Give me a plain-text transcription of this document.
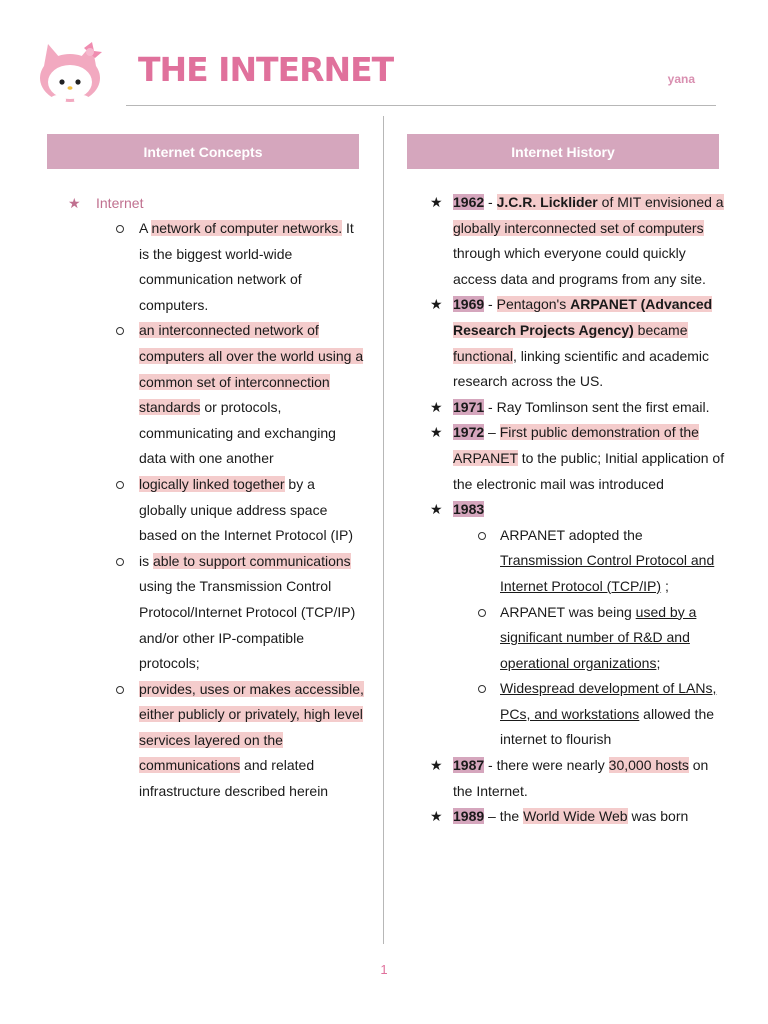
THE INTERNET	yana
Internet Concepts	Internet History
★	Internet
A network of computer networks. It is the biggest world-wide communication network of computers.
an interconnected network of computers all over the world using a common set of interconnection standards or protocols, communicating and exchanging data with one another
logically linked together by a globally unique address space based on the Internet Protocol (IP)
is able to support communications using the Transmission Control Protocol/Internet Protocol (TCP/IP) and/or other IP-compatible protocols;
provides, uses or makes accessible, either publicly or privately, high level services layered on the communications and related infrastructure described herein
★ 1962 - J.C.R. Licklider of MIT envisioned a globally interconnected set of computers through which everyone could quickly access data and programs from any site.
★ 1969 - Pentagon's ARPANET (Advanced Research Projects Agency) became functional, linking scientific and academic research across the US.
★ 1971 - Ray Tomlinson sent the first email.
★ 1972 – First public demonstration of the ARPANET to the public; Initial application of the electronic mail was introduced
★ 1983
ARPANET adopted the Transmission Control Protocol and Internet Protocol (TCP/IP) ;
ARPANET was being used by a significant number of R&D and operational organizations;
Widespread development of LANs, PCs, and workstations allowed the internet to flourish
★ 1987 - there were nearly 30,000 hosts on the Internet.
★ 1989 – the World Wide Web was born
1
